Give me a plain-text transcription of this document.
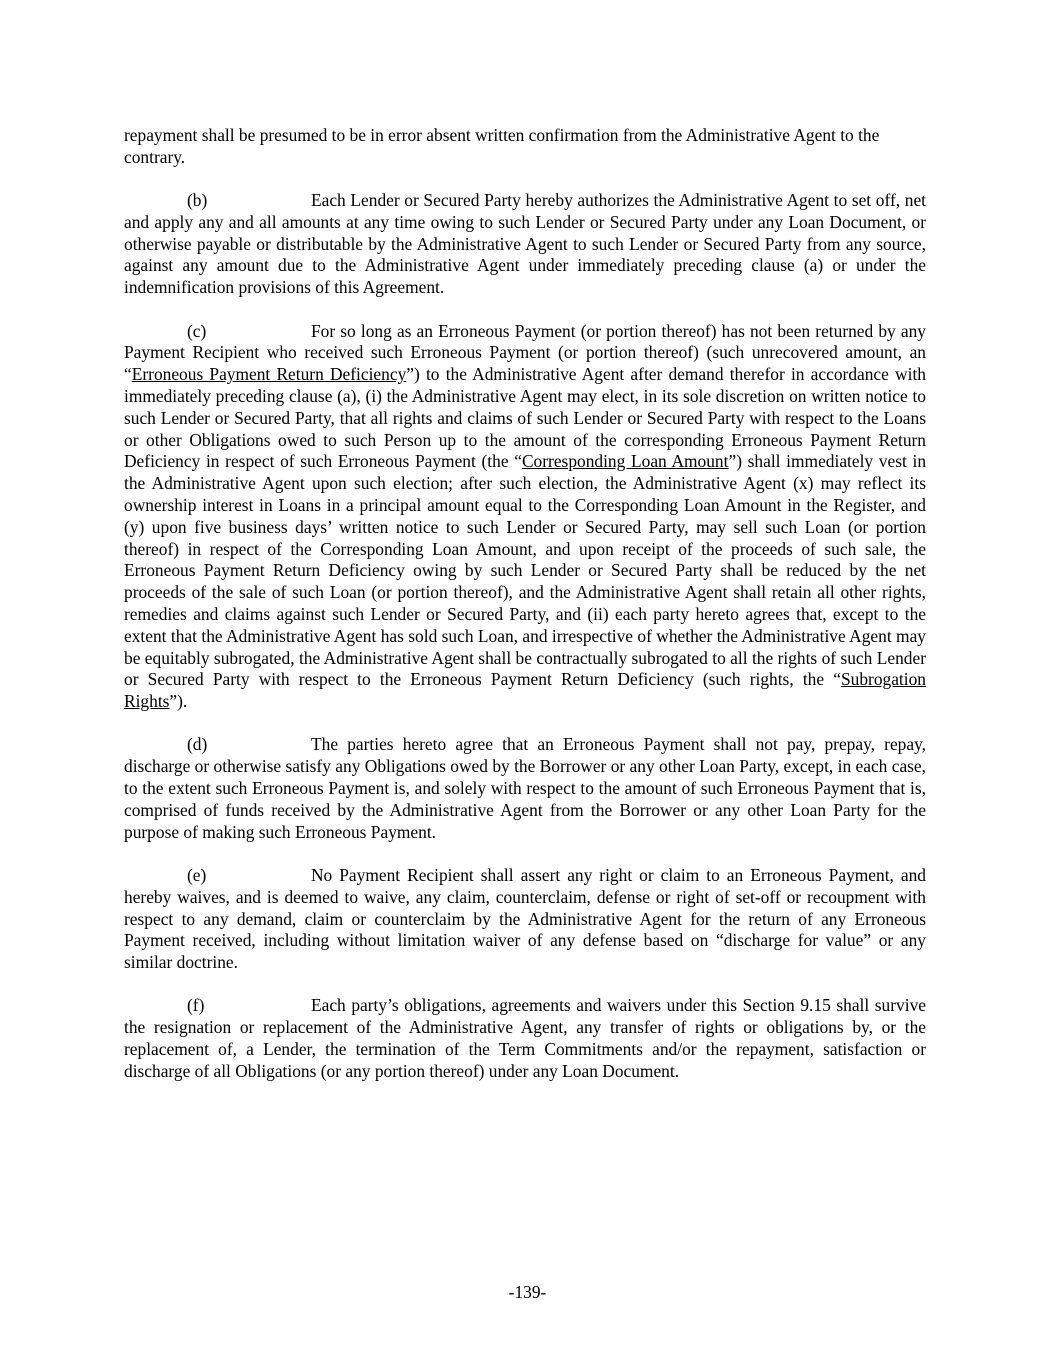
repayment shall be presumed to be in error absent written confirmation from the Administrative Agent to the contrary.

(b)	Each Lender or Secured Party hereby authorizes the Administrative Agent to set off, net and apply any and all amounts at any time owing to such Lender or Secured Party under any Loan Document, or otherwise payable or distributable by the Administrative Agent to such Lender or Secured Party from any source, against any amount due to the Administrative Agent under immediately preceding clause (a) or under the indemnification provisions of this Agreement.

(c)	For so long as an Erroneous Payment (or portion thereof) has not been returned by any Payment Recipient who received such Erroneous Payment (or portion thereof) (such unrecovered amount, an “Erroneous Payment Return Deficiency”) to the Administrative Agent after demand therefor in accordance with immediately preceding clause (a), (i) the Administrative Agent may elect, in its sole discretion on written notice to such Lender or Secured Party, that all rights and claims of such Lender or Secured Party with respect to the Loans or other Obligations owed to such Person up to the amount of the corresponding Erroneous Payment Return Deficiency in respect of such Erroneous Payment (the “Corresponding Loan Amount”) shall immediately vest in the Administrative Agent upon such election; after such election, the Administrative Agent (x) may reflect its ownership interest in Loans in a principal amount equal to the Corresponding Loan Amount in the Register, and (y) upon five business days’ written notice to such Lender or Secured Party, may sell such Loan (or portion thereof) in respect of the Corresponding Loan Amount, and upon receipt of the proceeds of such sale, the Erroneous Payment Return Deficiency owing by such Lender or Secured Party shall be reduced by the net proceeds of the sale of such Loan (or portion thereof), and the Administrative Agent shall retain all other rights, remedies and claims against such Lender or Secured Party, and (ii) each party hereto agrees that, except to the extent that the Administrative Agent has sold such Loan, and irrespective of whether the Administrative Agent may be equitably subrogated, the Administrative Agent shall be contractually subrogated to all the rights of such Lender or Secured Party with respect to the Erroneous Payment Return Deficiency (such rights, the “Subrogation Rights”).

(d)	The parties hereto agree that an Erroneous Payment shall not pay, prepay, repay, discharge or otherwise satisfy any Obligations owed by the Borrower or any other Loan Party, except, in each case, to the extent such Erroneous Payment is, and solely with respect to the amount of such Erroneous Payment that is, comprised of funds received by the Administrative Agent from the Borrower or any other Loan Party for the purpose of making such Erroneous Payment.

(e)	No Payment Recipient shall assert any right or claim to an Erroneous Payment, and hereby waives, and is deemed to waive, any claim, counterclaim, defense or right of set-off or recoupment with respect to any demand, claim or counterclaim by the Administrative Agent for the return of any Erroneous Payment received, including without limitation waiver of any defense based on “discharge for value” or any similar doctrine.

(f)	Each party’s obligations, agreements and waivers under this Section 9.15 shall survive the resignation or replacement of the Administrative Agent, any transfer of rights or obligations by, or the replacement of, a Lender, the termination of the Term Commitments and/or the repayment, satisfaction or discharge of all Obligations (or any portion thereof) under any Loan Document.

-139-
